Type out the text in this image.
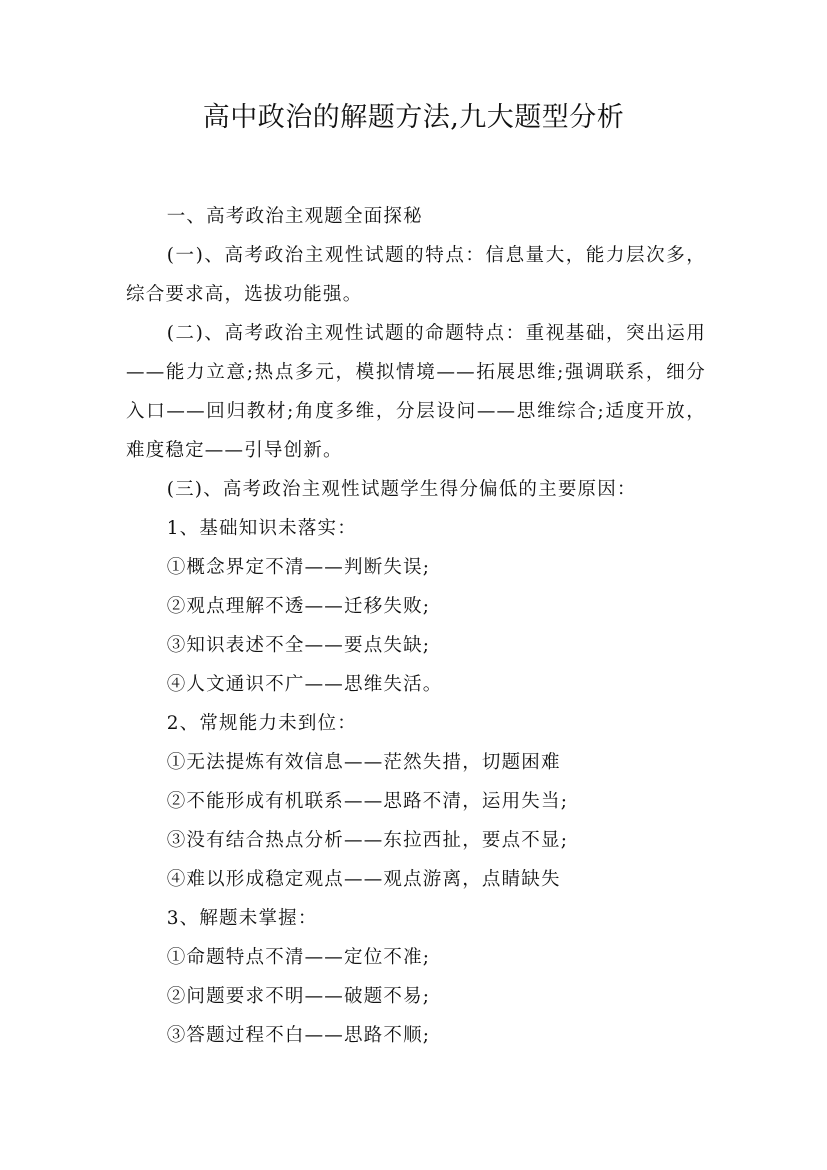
高中政治的解题方法,九大题型分析

一、高考政治主观题全面探秘

(一)、高考政治主观性试题的特点：信息量大，能力层次多，综合要求高，选拔功能强。

(二)、高考政治主观性试题的命题特点：重视基础，突出运用——能力立意;热点多元，模拟情境——拓展思维;强调联系，细分入口——回归教材;角度多维，分层设问——思维综合;适度开放，难度稳定——引导创新。

(三)、高考政治主观性试题学生得分偏低的主要原因：

1、基础知识未落实：

①概念界定不清——判断失误;

②观点理解不透——迁移失败;

③知识表述不全——要点失缺;

④人文通识不广——思维失活。

2、常规能力未到位：

①无法提炼有效信息——茫然失措，切题困难

②不能形成有机联系——思路不清，运用失当;

③没有结合热点分析——东拉西扯，要点不显;

④难以形成稳定观点——观点游离，点睛缺失

3、解题未掌握：

①命题特点不清——定位不准;

②问题要求不明——破题不易;

③答题过程不白——思路不顺;
